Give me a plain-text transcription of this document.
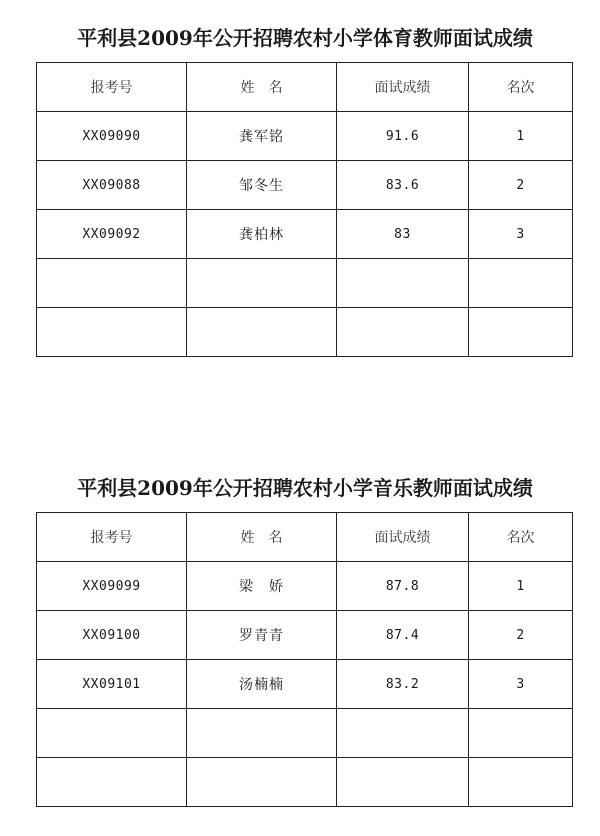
平利县2009年公开招聘农村小学体育教师面试成绩
报考号	姓　名	面试成绩	名次
XX09090	龚军铭	91.6	1
XX09088	邹冬生	83.6	2
XX09092	龚柏林	83	3

平利县2009年公开招聘农村小学音乐教师面试成绩
报考号	姓　名	面试成绩	名次
XX09099	梁　娇	87.8	1
XX09100	罗青青	87.4	2
XX09101	汤楠楠	83.2	3
